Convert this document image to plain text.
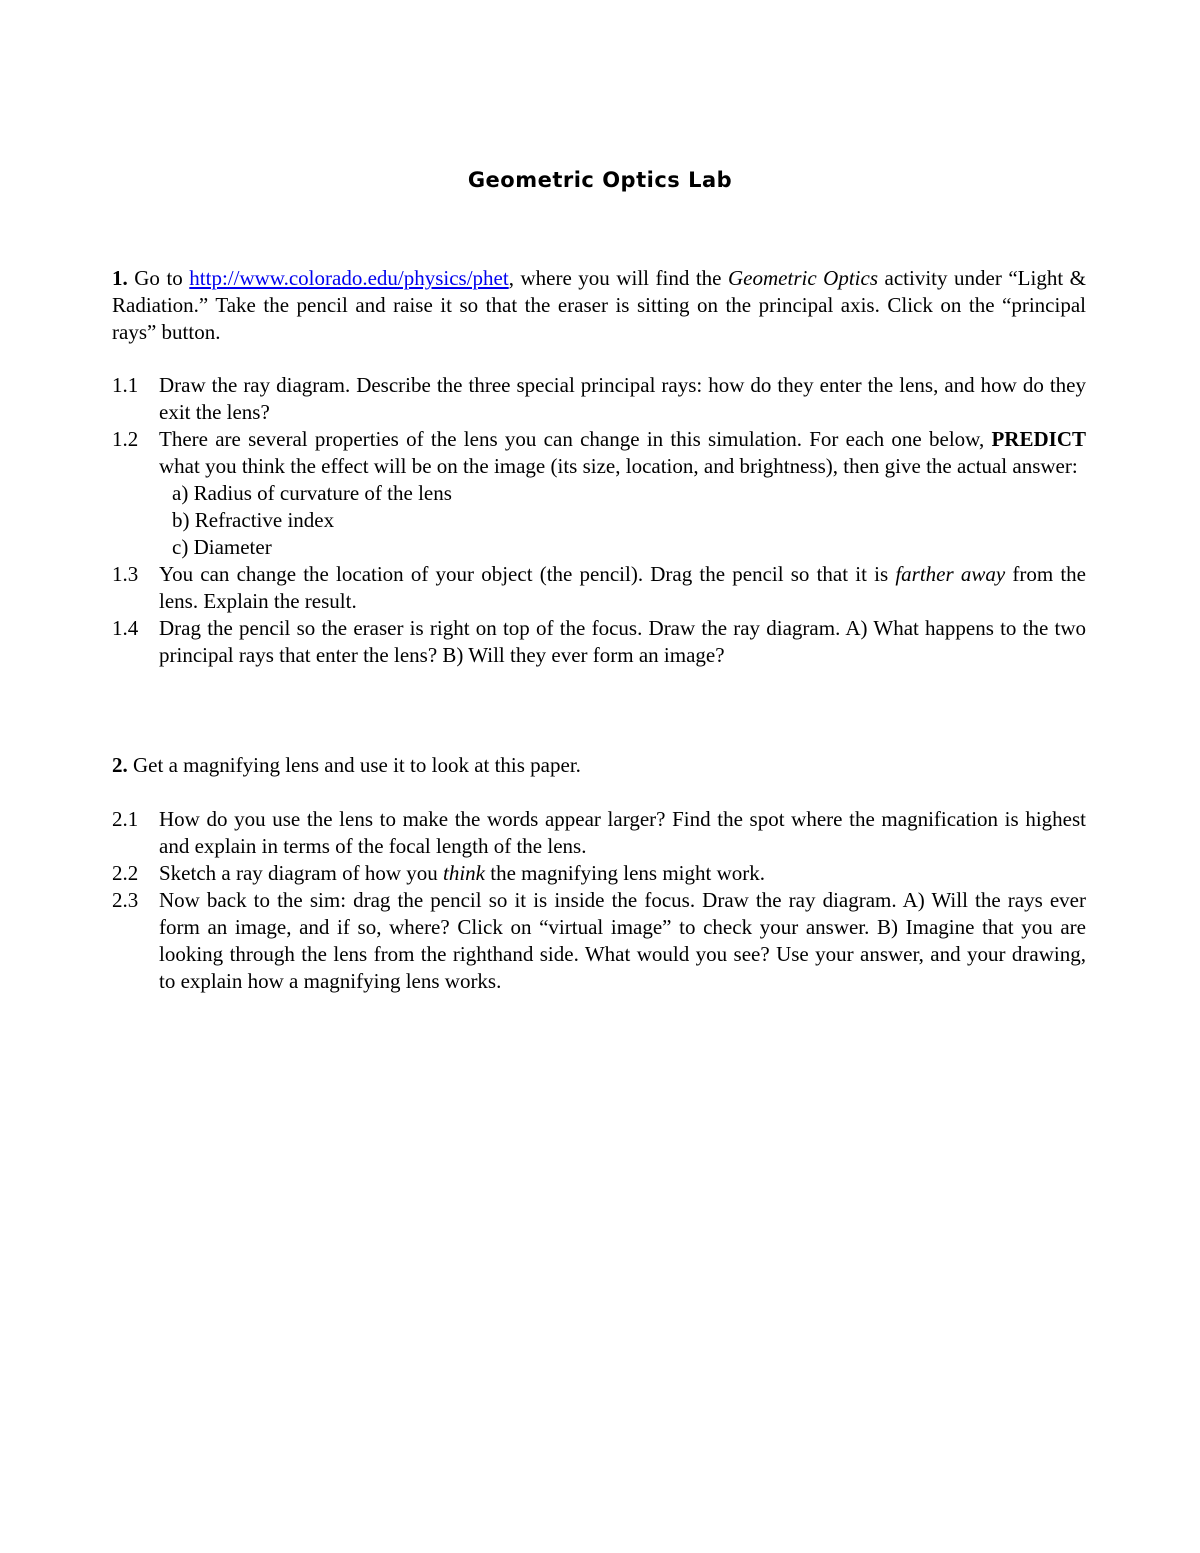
Geometric Optics Lab
1. Go to http://www.colorado.edu/physics/phet, where you will find the Geometric Optics activity under “Light & Radiation.” Take the pencil and raise it so that the eraser is sitting on the principal axis. Click on the “principal rays” button.
1.1 Draw the ray diagram. Describe the three special principal rays: how do they enter the lens, and how do they exit the lens?
1.2 There are several properties of the lens you can change in this simulation. For each one below, PREDICT what you think the effect will be on the image (its size, location, and brightness), then give the actual answer:
a) Radius of curvature of the lens
b) Refractive index
c) Diameter
1.3 You can change the location of your object (the pencil). Drag the pencil so that it is farther away from the lens. Explain the result.
1.4 Drag the pencil so the eraser is right on top of the focus. Draw the ray diagram. A) What happens to the two principal rays that enter the lens? B) Will they ever form an image?
2. Get a magnifying lens and use it to look at this paper.
2.1 How do you use the lens to make the words appear larger? Find the spot where the magnification is highest and explain in terms of the focal length of the lens.
2.2 Sketch a ray diagram of how you think the magnifying lens might work.
2.3 Now back to the sim: drag the pencil so it is inside the focus. Draw the ray diagram. A) Will the rays ever form an image, and if so, where? Click on “virtual image” to check your answer. B) Imagine that you are looking through the lens from the righthand side. What would you see? Use your answer, and your drawing, to explain how a magnifying lens works.
